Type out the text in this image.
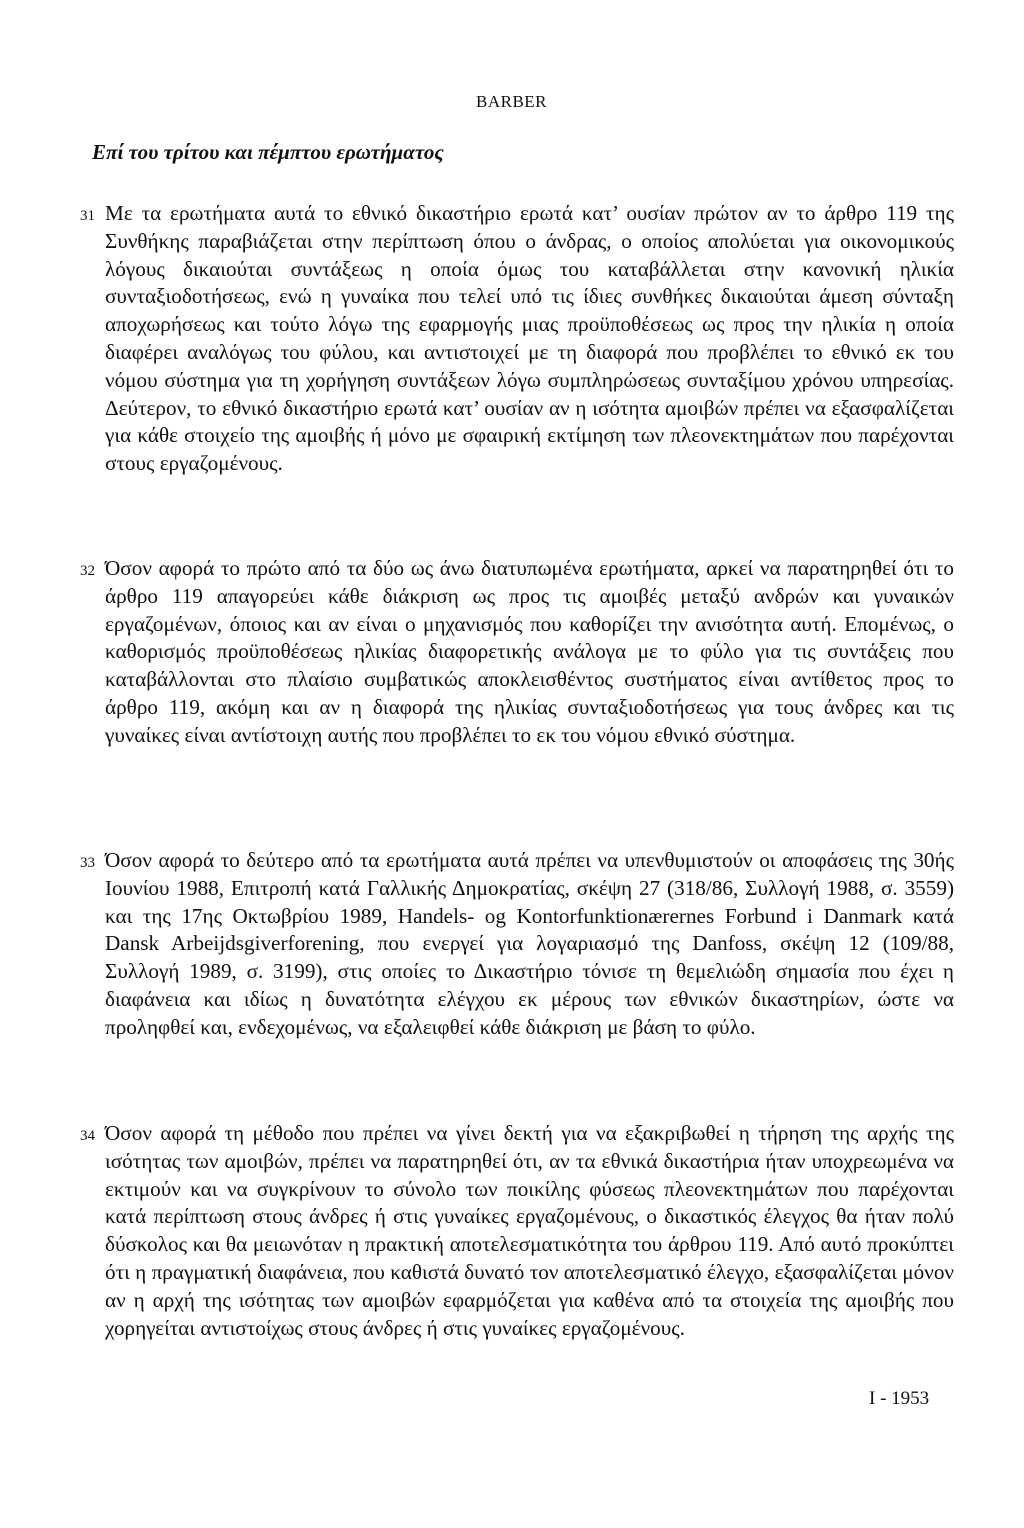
BARBER
Επί του τρίτου και πέμπτου ερωτήματος
31 Με τα ερωτήματα αυτά το εθνικό δικαστήριο ερωτά κατ’ ουσίαν πρώτον αν το άρθρο 119 της Συνθήκης παραβιάζεται στην περίπτωση όπου ο άνδρας, ο οποίος απολύεται για οικονομικούς λόγους δικαιούται συντάξεως η οποία όμως του καταβάλλεται στην κανονική ηλικία συνταξιοδοτήσεως, ενώ η γυναίκα που τελεί υπό τις ίδιες συνθήκες δικαιούται άμεση σύνταξη αποχωρήσεως και τούτο λόγω της εφαρμογής μιας προϋποθέσεως ως προς την ηλικία η οποία διαφέρει αναλόγως του φύλου, και αντιστοιχεί με τη διαφορά που προβλέπει το εθνικό εκ του νόμου σύστημα για τη χορήγηση συντάξεων λόγω συμπληρώσεως συνταξίμου χρόνου υπηρεσίας. Δεύτερον, το εθνικό δικαστήριο ερωτά κατ’ ουσίαν αν η ισότητα αμοιβών πρέπει να εξασφαλίζεται για κάθε στοιχείο της αμοιβής ή μόνο με σφαιρική εκτίμηση των πλεονεκτημάτων που παρέχονται στους εργαζομένους.
32 Όσον αφορά το πρώτο από τα δύο ως άνω διατυπωμένα ερωτήματα, αρκεί να παρατηρηθεί ότι το άρθρο 119 απαγορεύει κάθε διάκριση ως προς τις αμοιβές μεταξύ ανδρών και γυναικών εργαζομένων, όποιος και αν είναι ο μηχανισμός που καθορίζει την ανισότητα αυτή. Επομένως, ο καθορισμός προϋποθέσεως ηλικίας διαφορετικής ανάλογα με το φύλο για τις συντάξεις που καταβάλλονται στο πλαίσιο συμβατικώς αποκλεισθέντος συστήματος είναι αντίθετος προς το άρθρο 119, ακόμη και αν η διαφορά της ηλικίας συνταξιοδοτήσεως για τους άνδρες και τις γυναίκες είναι αντίστοιχη αυτής που προβλέπει το εκ του νόμου εθνικό σύστημα.
33 Όσον αφορά το δεύτερο από τα ερωτήματα αυτά πρέπει να υπενθυμιστούν οι αποφάσεις της 30ής Ιουνίου 1988, Επιτροπή κατά Γαλλικής Δημοκρατίας, σκέψη 27 (318/86, Συλλογή 1988, σ. 3559) και της 17ης Οκτωβρίου 1989, Handels- og Kontorfunktionærernes Forbund i Danmark κατά Dansk Arbeijdsgiverforening, που ενεργεί για λογαριασμό της Danfoss, σκέψη 12 (109/88, Συλλογή 1989, σ. 3199), στις οποίες το Δικαστήριο τόνισε τη θεμελιώδη σημασία που έχει η διαφάνεια και ιδίως η δυνατότητα ελέγχου εκ μέρους των εθνικών δικαστηρίων, ώστε να προληφθεί και, ενδεχομένως, να εξαλειφθεί κάθε διάκριση με βάση το φύλο.
34 Όσον αφορά τη μέθοδο που πρέπει να γίνει δεκτή για να εξακριβωθεί η τήρηση της αρχής της ισότητας των αμοιβών, πρέπει να παρατηρηθεί ότι, αν τα εθνικά δικαστήρια ήταν υποχρεωμένα να εκτιμούν και να συγκρίνουν το σύνολο των ποικίλης φύσεως πλεονεκτημάτων που παρέχονται κατά περίπτωση στους άνδρες ή στις γυναίκες εργαζομένους, ο δικαστικός έλεγχος θα ήταν πολύ δύσκολος και θα μειωνόταν η πρακτική αποτελεσματικότητα του άρθρου 119. Από αυτό προκύπτει ότι η πραγματική διαφάνεια, που καθιστά δυνατό τον αποτελεσματικό έλεγχο, εξασφαλίζεται μόνον αν η αρχή της ισότητας των αμοιβών εφαρμόζεται για καθένα από τα στοιχεία της αμοιβής που χορηγείται αντιστοίχως στους άνδρες ή στις γυναίκες εργαζομένους.
I - 1953
